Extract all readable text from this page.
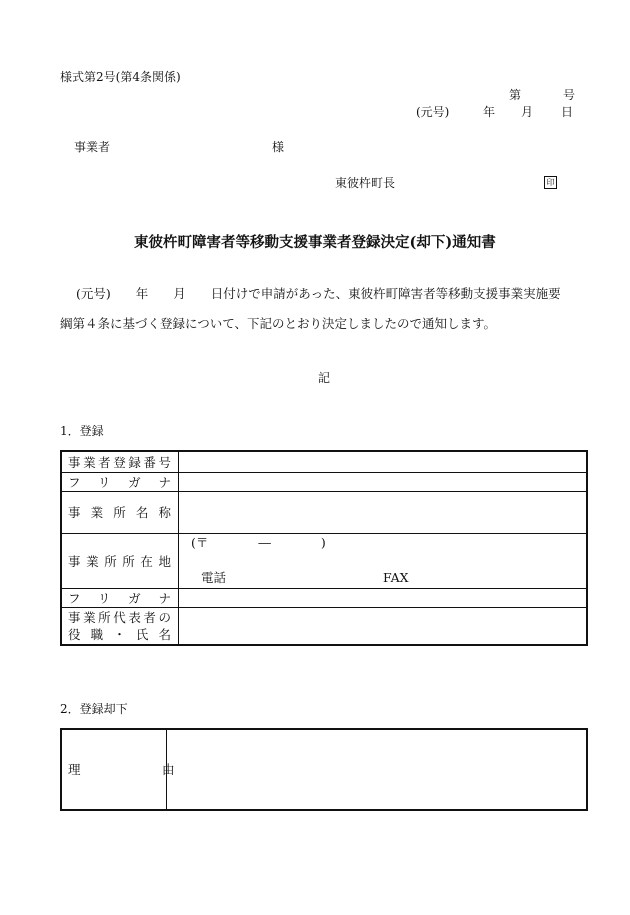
様式第2号(第4条関係)
第	号
(元号)	年 月 日
事業者	様
東彼杵町長	印
東彼杵町障害者等移動支援事業者登録決定(却下)通知書
(元号)　　年　　月　　日付けで申請があった、東彼杵町障害者等移動支援事業実施要
綱第４条に基づく登録について、下記のとおり決定しましたので通知します。
記
1．登録
事業者登録番号	
フリガナ	
事業所名称	
事業所所在地	(〒　　　　―　　　　)
電話 FAX

フリガナ	

事業所代表者の
役職・氏名	

2．登録却下
理	由
